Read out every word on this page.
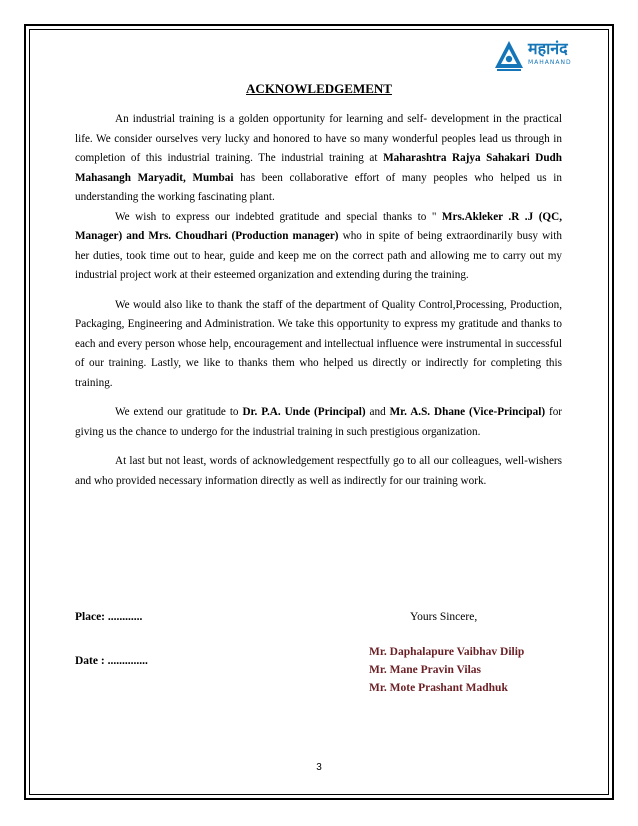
महानंद
MAHANAND
ACKNOWLEDGEMENT

An industrial training is a golden opportunity for learning and self- development in the practical life. We consider ourselves very lucky and honored to have so many wonderful peoples lead us through in completion of this industrial training. The industrial training at Maharashtra Rajya Sahakari Dudh Mahasangh Maryadit, Mumbai has been collaborative effort of many peoples who helped us in understanding the working fascinating plant.

We wish to express our indebted gratitude and special thanks to " Mrs.Akleker .R .J (QC, Manager) and Mrs. Choudhari (Production manager) who in spite of being extraordinarily busy with her duties, took time out to hear, guide and keep me on the correct path and allowing me to carry out my industrial project work at their esteemed organization and extending during the training.

We would also like to thank the staff of the department of Quality Control,Processing, Production, Packaging, Engineering and Administration. We take this opportunity to express my gratitude and thanks to each and every person whose help, encouragement and intellectual influence were instrumental in successful of our training. Lastly, we like to thanks them who helped us directly or indirectly for completing this training.

We extend our gratitude to Dr. P.A. Unde (Principal) and Mr. A.S. Dhane (Vice-Principal) for giving us the chance to undergo for the industrial training in such prestigious organization.

At last but not least, words of acknowledgement respectfully go to all our colleagues, well-wishers and who provided necessary information directly as well as indirectly for our training work.

Place: ............
Date : ..............
Yours Sincere,
Mr. Daphalapure Vaibhav Dilip
Mr. Mane Pravin Vilas
Mr. Mote Prashant Madhuk
3
